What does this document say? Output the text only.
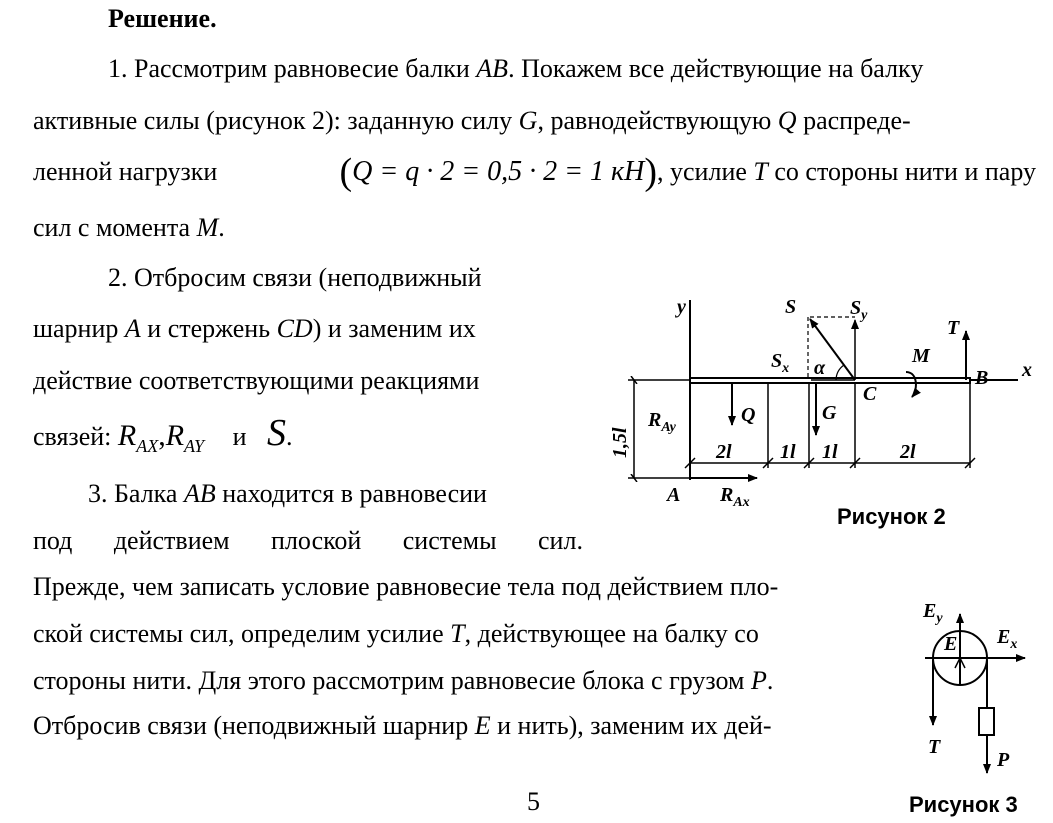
Решение.
1. Рассмотрим равновесие балки AB. Покажем все действующие на балку
активные силы (рисунок 2): заданную силу G, равнодействующую Q распреде-
ленной нагрузки	(Q = q · 2 = 0,5 · 2 = 1 кН), усилие T со стороны нити и пару
сил с момента M.
2. Отбросим связи (неподвижный
шарнир A и стержень CD) и заменим их
действие соответствующими реакциями
связей: $R_{AX},R_{AY}$ и S.
3. Балка AB находится в равновесии
под действием плоской системы сил.
Прежде, чем записать условие равновесие тела под действием пло-
ской системы сил, определим усилие T, действующее на балку со
стороны нити. Для этого рассмотрим равновесие блока с грузом P.
Отбросив связи (неподвижный шарнир E и нить), заменим их дей-
y
x
1,5l	2l 1l 1l	2l
$R_{Ay}$
Q	G
S	$S_y$
$S_x$ α
C
M
T
B
A $R_{Ax}$
Рисунок 2
$E_y$
$E_x$
E
T
P
Рисунок 3
5
